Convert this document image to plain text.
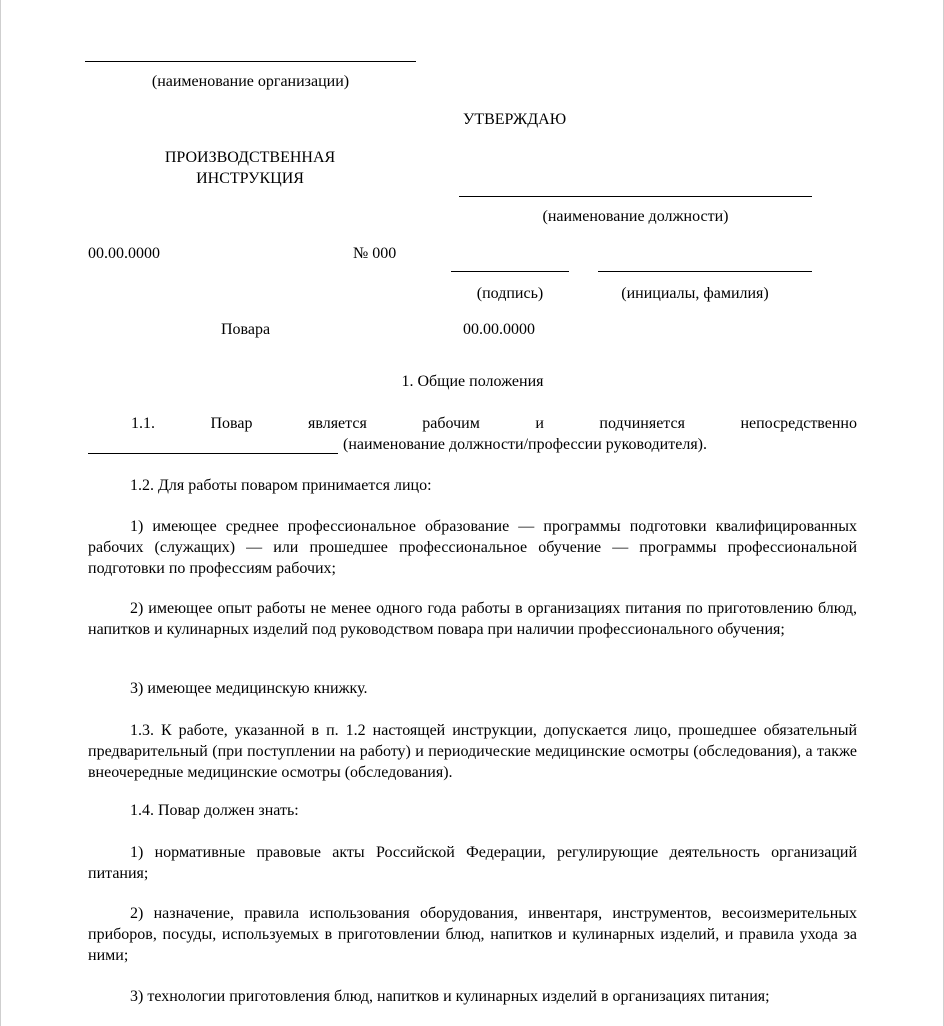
(наименование организации)
УТВЕРЖДАЮ
ПРОИЗВОДСТВЕННАЯ
ИНСТРУКЦИЯ
(наименование должности)
00.00.0000	№ 000
(подпись)	(инициалы, фамилия)
Повара	00.00.0000
1. Общие положения
1.1.	Повар	является	рабочим	и	подчиняется	непосредственно
(наименование должности/профессии руководителя).
1.2. Для работы поваром принимается лицо:
1) имеющее среднее профессиональное образование — программы подготовки квалифицированных рабочих (служащих) — или прошедшее профессиональное обучение — программы профессиональной подготовки по профессиям рабочих;
2) имеющее опыт работы не менее одного года работы в организациях питания по приготовлению блюд, напитков и кулинарных изделий под руководством повара при наличии профессионального обучения;
3) имеющее медицинскую книжку.
1.3. К работе, указанной в п. 1.2 настоящей инструкции, допускается лицо, прошедшее обязательный предварительный (при поступлении на работу) и периодические медицинские осмотры (обследования), а также внеочередные медицинские осмотры (обследования).
1.4. Повар должен знать:
1) нормативные правовые акты Российской Федерации, регулирующие деятельность организаций питания;
2) назначение, правила использования оборудования, инвентаря, инструментов, весоизмерительных приборов, посуды, используемых в приготовлении блюд, напитков и кулинарных изделий, и правила ухода за ними;
3) технологии приготовления блюд, напитков и кулинарных изделий в организациях питания;
